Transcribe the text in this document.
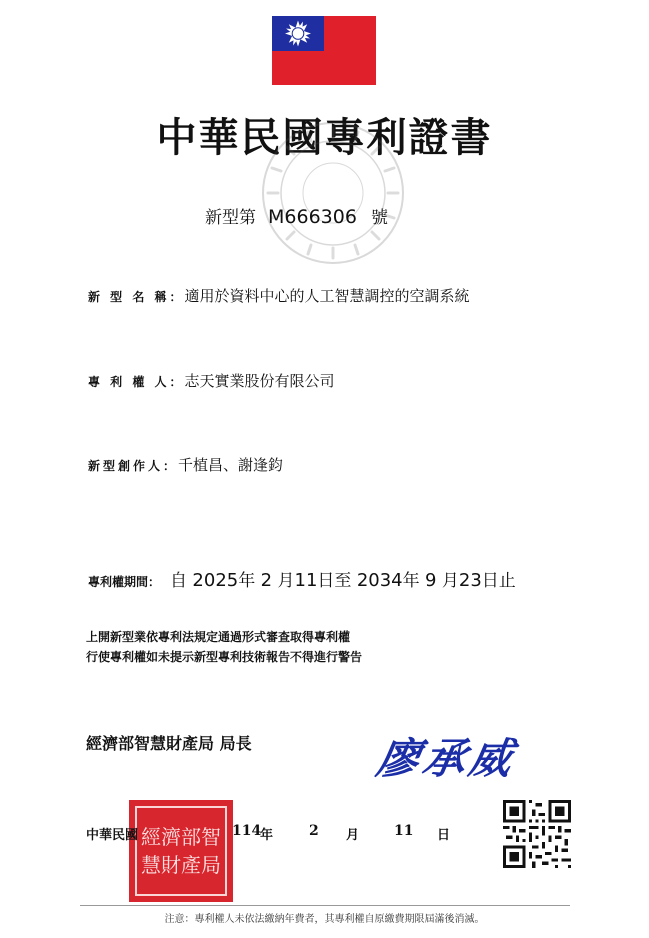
中華民國專利證書
新型第 M666306 號
新 型 名 稱：適用於資料中心的人工智慧調控的空調系統
專 利 權 人：志天實業股份有限公司
新型創作人：千植昌、謝逢鈞
專利權期間： 自 2025年 2 月11日至 2034年 9 月23日止
上開新型業依專利法規定通過形式審查取得專利權
行使專利權如未提示新型專利技術報告不得進行警告
經濟部智慧財產局 局長	廖承威
經濟部智慧財產局
中華民國	114
年	2 月 11 日
注意：專利權人未依法繳納年費者，其專利權自原繳費期限屆滿後消滅。
